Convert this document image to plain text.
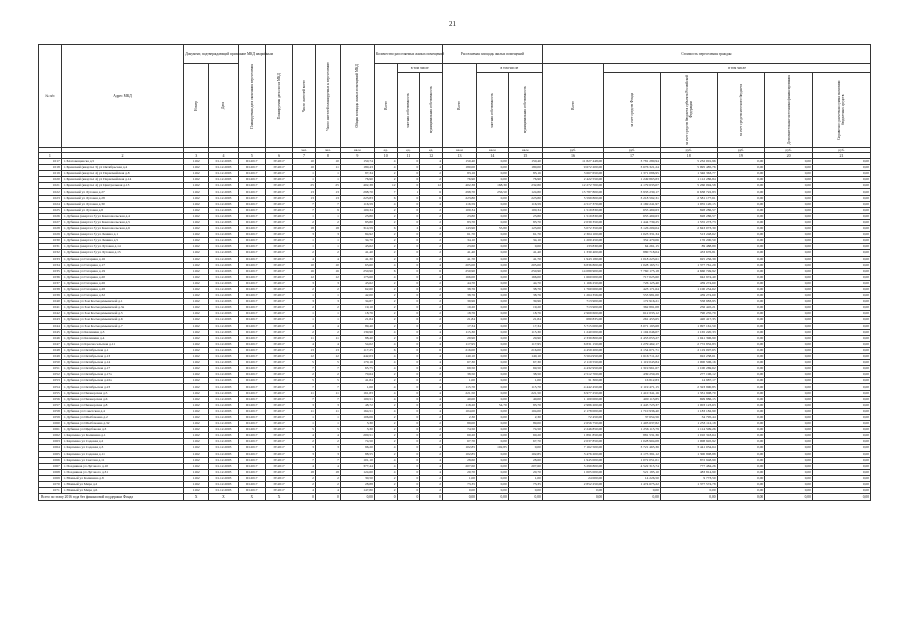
21
№ п/п	Адрес МКД	Документ, подтверждающий признание МКД аварийным		Планируемая дата окончания переселения	Планируемая дата сноса МКД	Число жителей всего	Число жителей планируемых к переселению	Общая площадь жилых помещений МКД	Количество расселяемых жилых помещений			Расселяемая площадь жилых помещений			Стоимость переселения граждан					

		Номер	Дата						Всего	в том числе		Всего	в том числе		Всего	в том числе				

										частная собственность	муниципальная собственность		частная собственность	муниципальная собственность		за счет средств Фонда	за счет средств бюджета субъекта Российской Федерации	за счет средств местного бюджета	Дополнительные источники финансирования	Справочно: расчетная сумма экономии бюджетных средств

						чел.	чел.	кв.м	ед.	ед.	ед.	кв.м	кв.м	кв.м	руб.	руб.	руб.	руб.	руб.	руб.
1	2	3	4	5	6	7	8	9	10	11	12	13	14	15	16	17	18	19	20	21
1017	г. Благовещенска д.5	1162	01.12.2003	III.2017	IV.2017	10	10	150,74	4	0	4	150,40	0,00	150,40	11 827 448,00	3 781 280,94	5 232 001,96	0,00	0,00	0,00
1018	г. Брянский (квартал 3) ул Октябрьская д.4	1162	01.12.2003	III.2017	IV.2017	10	11	180,43	4	0	4	180,00	0,00	180,00	9 672 200,00	3 676 321,24	5 995 485,76	0,00	0,00	0,00
1019	г. Брянский (квартал 4) ул Первомайская д.8	1162	01.12.2003	III.2017	IV.2017	1	1	87,34	2	0	2	83,16	0,00	83,16	3 667 650,00	1 371 086,95	1 346 363,77	0,00	0,00	0,00
1020	г. Брянский (квартал 4) ул Первомайская д.14	1162	01.12.2003	III.2017	IV.2017	1	1	76,90	2	0	2	76,90	0,00	76,90	2 422 550,00	1 249 863,83	1 112 286,84	0,00	0,00	0,00
1021	г. Брянский (квартал 4) ул Центральная д.13	1162	01.12.2003	III.2017	IV.2017	25	25	402,38	12	0	12	402,38	168,30	232,80	12 272 700,00	4 179 633,07	5 260 094,58	0,00	0,00	0,00
1022	г. Брянский ул Луговая д.27	1162	01.12.2003	III.2017	IV.2017	13	13	298,70	7	1	6	298,70	256,50	124,80	15 787 800,00	3 933 230,17	6 638 722,83	0,00	0,00	0,00
1023	г. Брянский ул Луговая д.28	1162	01.12.2003	III.2017	IV.2017	13	13	223,83	6	0	6	223,80	0,00	223,80	5 599 800,00	3 218 592,31	2 581 177,61	0,00	0,00	0,00
1024	г. Брянский ул Луговая д.30	1162	01.12.2003	III.2017	IV.2017	7	7	116,59	4	0	4	116,59	0,00	116,59	4 517 370,00	2 169 241,97	1 955 120,15	0,00	0,00	0,00
1025	г. Брянский ул Луговая д.8	1162	01.12.2003	III.2017	IV.2017	7	9	100,34	2	0	2	100,34	0,00	100,34	1 519 830,00	655 469,63	828 286,57	0,00	0,00	0,00
1026	г. Дубинка (квартал 3) ул Комсомольская д.4	1162	01.12.2003	III.2017	IV.2017	1	1	23,80	2	0	2	23,80	0,00	23,80	1 519 830,00	655 469,63	828 286,57	0,00	0,00	0,00
1027	г. Дубинка (квартал 3) ул Комсомольская д.5	1162	01.12.2003	III.2017	IV.2017	2	2	83,80	2	0	2	83,70	0,00	83,70	2 039 350,00	1 444 739,25	1 555 273,73	0,00	0,00	0,00
1028	г. Дубинка (квартал 3) ул Комсомольская д.6	1162	01.12.2003	III.2017	IV.2017	18	18	314,59	6	2	4	143,90	55,80	123,00	5 072 350,00	3 126 209,04	2 843 073,30	0,00	0,00	0,00
1029	г. Дубинка (квартал 3) ул Ленина д.1	1162	01.12.2003	III.2017	IV.2017	3	3	84,92	2	0	2	61,70	0,00	61,70	2 304 100,00	1 023 331,34	513 248,62	0,00	0,00	0,00
1030	г. Дубинка (квартал 3) ул Ленина д.5	1162	01.12.2003	III.2017	IV.2017	1	1	34,70	2	0	2	34,10	0,00	34,10	1 200 450,00	352 470,06	176 200,50	0,00	0,00	0,00
1031	г. Дубинка (квартал 3) ул Луговая д.14	1162	01.12.2003	III.2017	IV.2017	1	1	43,62	2	0	2	23,60	0,00	0,00	133 830,00	64 261,15	89 488,89	0,00	0,00	0,00
1032	г. Дубинка (квартал 3) ул Луговая д.15	1162	01.12.2003	III.2017	IV.2017	2	2	41,40	2	0	2	41,40	0,00	41,40	1 330 400,00	880 718,04	433 676,81	0,00	0,00	0,00
1033	г. Дубинка ул Гагарина д.16	1162	01.12.2003	III.2017	IV.2017	4	4	41,30	2	0	2	41,70	0,00	41,70	1 943 180,00	1 018 223,61	925 256,39	0,00	0,00	0,00
1034	г. Дубинка ул Гагарина д.17	1162	01.12.2003	III.2017	IV.2017	10	10	63,60	4	0	4	205,00	0,00	205,00	6 836 800,00	1 028 163,71	1 377 761,29	0,00	0,00	0,00
1035	г. Дубинка ул Гагарина д.19	1162	01.12.2003	III.2017	IV.2017	16	16	250,90	6	0	6	250,90	0,00	250,90	14 089 900,00	7 760 175,18	4 660 749,92	0,00	0,00	0,00
1036	г. Дубинка ул Гагарина д.20	1162	01.12.2003	III.2017	IV.2017	12	12	173,60	4	0	4	166,00	0,00	166,00	1 660 000,00	717 025,60	942 974,40	0,00	0,00	0,00
1037	г. Дубинка ул Гагарина д.26	1162	01.12.2003	III.2017	IV.2017	3	3	43,62	2	0	2	44,70	0,00	44,70	1 166 250,00	726 125,40	439 274,60	0,00	0,00	0,00
1038	г. Дубинка ул Гагарина д.28	1162	01.12.2003	III.2017	IV.2017	2	2	62,60	2	0	2	38,76	0,00	38,76	1 760 000,00	423 171,64	1 100 254,62	0,00	0,00	0,00
1039	г. Дубинка ул Гагарина д.32	1162	01.12.2003	III.2017	IV.2017	1	1	42,00	2	0	2	38,76	0,00	38,76	1 264 356,00	553 981,00	439 274,60	0,00	0,00	0,00
1040	г. Дубинка ул Зои Космодемьянской д.1	1162	01.12.2003	III.2017	IV.2017	3	3	34,87	2	0	2	39,96	0,00	39,96	713 900,00	172 916,21	558 983,95	0,00	0,00	0,00
1041	г. Дубинка ул Зои Космодемьянской д.3а	1162	01.12.2003	III.2017	IV.2017	2	2	19,10	2	0	2	19,20	0,00	19,20	713 900,00	362 891,08	256 445,21	0,00	0,00	0,00
1042	г. Дубинка ул Зои Космодемьянской д.5	1162	01.12.2003	III.2017	IV.2017	1	1	18,76	2	0	2	18,76	0,00	18,76	2 969 600,00	612 033,12	790 235,79	0,00	0,00	0,00
1043	г. Дубинка ул Зои Космодемьянской д.6	1162	01.12.2003	III.2017	IV.2017	1	1	21,84	2	0	2	21,84	0,00	21,84	680 835,00	261 453,65	420 417,35	0,00	0,00	0,00
1044	г. Дубинка ул Зои Космодемьянской д.7	1162	01.12.2003	III.2017	IV.2017	4	4	89,40	2	0	2	17,34	0,00	17,34	5 715 000,00	3 071 193,68	1 997 161,50	0,00	0,00	0,00
1045	г. Дубинка ул Калинина д.3	1162	01.12.2003	III.2017	IV.2017	2	2	139,90	4	0	4	115,30	0,00	115,30	1 240 000,00	1 104 046,07	1 165 220,33	0,00	0,00	0,00
1046	г. Дубинка ул Калинина д.4	1162	01.12.2003	III.2017	IV.2017	11	11	88,40	2	0	2	29,90	0,00	29,90	2 339 800,00	2 453 053,27	1 041 396,90	0,00	0,00	0,00
1047	г. Дубинка ул Красносельская д.11	1162	01.12.2003	III.2017	IV.2017	4	4	54,02	4	0	4	117,95	0,00	117,95	6 831 150,00	1 279 462,17	2 772 832,83	0,00	0,00	0,00
1048	г. Дубинка ул Октябрьская д.1	1162	01.12.2003	III.2017	IV.2017	13	13	117,25	6	0	6	216,00	0,00	216,00	4 459 200,00	2 154 671,71	2 119 097,65	0,00	0,00	0,00
1049	г. Дубинка ул Октябрьская д.13	1162	01.12.2003	III.2017	IV.2017	12	12	442,03	4	0	4	140,10	0,00	140,10	3 504 950,00	1 616 711,22	922 238,61	0,00	0,00	0,00
1050	г. Дубинка ул Октябрьская д.14	1162	01.12.2003	III.2017	IV.2017	5	5	170,16	4	0	4	67,30	0,00	67,30	2 119 550,00	1 119 043,84	1 000 506,16	0,00	0,00	0,00
1051	г. Дубинка ул Октябрьская д.17	1162	01.12.2003	III.2017	IV.2017	7	7	65,75	4	0	4	69,50	0,00	69,50	4 432 950,00	1 319 961,67	1 100 269,62	0,00	0,00	0,00
1052	г. Дубинка ул Октябрьская д.17а	1162	01.12.2003	III.2017	IV.2017	2	2	70,64	2	0	2	38,50	0,00	38,50	2 512 700,00	439 259,29	277 196,12	0,00	0,00	0,00
1053	г. Дубинка ул Октябрьская д.22а	1162	01.12.2003	III.2017	IV.2017	5	5	41,84	2	0	2	1,00	0,00	1,00	31 300,00	16 812,83	14 987,17	0,00	0,00	0,00
1054	г. Дубинка ул Октябрьская д.23	1162	01.12.2003	III.2017	IV.2017	7	7	1,00	4	0	4	115,70	0,00	115,70	4 442 450,00	2 119 471,15	2 323 990,85	0,00	0,00	0,00
1055	г. Дубинка ул Пионерская д.5	1162	01.12.2003	III.2017	IV.2017	11	11	161,83	4	0	4	221,50	0,00	221,50	6 977 250,00	1 410 341,16	1 331 908,70	0,00	0,00	0,00
1056	г. Дубинка ул Пионерская д.6	1162	01.12.2003	III.2017	IV.2017	7	7	100,51	4	0	4	40,00	0,00	40,00	1 100 000,00	400 113,85	699 886,15	0,00	0,00	0,00
1057	г. Дубинка ул Пионерская д.8	1162	01.12.2003	III.2017	IV.2017	3	3	48,72	2	0	2	118,20	54,70	83,70	2 986 200,00	2 445 723,37	1 003 123,63	0,00	0,00	0,00
1058	г. Дубинка ул Советская д.4	1162	01.12.2003	III.2017	IV.2017	11	11	164,51	4	0	4	104,00	0,00	104,00	2 178 000,00	1 710 936,40	1 183 182,90	0,00	0,00	0,00
1059	г. Дубинка ул Шалбачаева д.2	1162	01.12.2003	III.2017	IV.2017	1	1	106,06	2	0	2	2,30	0,00	2,30	72 450,00	37 654,56	34 795,44	0,00	0,00	0,00
1060	г. Дубинка ул Шалбачаева д.32	1162	01.12.2003	III.2017	IV.2017	1	1	3,30	2	0	2	89,00	0,00	89,00	2 656 750,00	1 403 637,82	1 253 112,18	0,00	0,00	0,00
1061	г. Дубинка ул Щербакова д.3	1162	01.12.2003	III.2017	IV.2017	5	5	3,30	2	0	2	74,50	0,00	74,50	2 246 850,00	1 256 115,79	1 114 509,26	0,00	0,00	0,00
1062	г. Карпенко ул Калинина д.1	1162	01.12.2003	III.2017	IV.2017	4	4	200,51	2	0	2	60,20	0,00	60,20	1 891 850,00	881 531,36	1 010 318,64	0,00	0,00	0,00
1063	г. Карпенко ул Садовая д.2	1162	01.12.2003	III.2017	IV.2017	2	2	74,50	2	0	2	67,70	0,00	67,70	2 037 850,00	1 028 904,08	1 008 945,92	0,00	0,00	0,00
1064	г. Карпенко ул Садовая д.3	1162	01.12.2003	III.2017	IV.2017	3	3	96,20	4	0	4	102,85	102,85	0,00	7 162 500,00	3 721 465,36	3 441 034,64	0,00	0,00	0,00
1065	г. Карпенко ул Садовая д.11	1162	01.12.2003	III.2017	IV.2017	3	3	88,55	2	0	2	102,85	0,00	102,85	3 476 200,00	2 175 391,12	1 300 808,88	0,00	0,00	0,00
1066	г. Карпенко ул Светлая д.11	1162	01.12.2003	III.2017	IV.2017	7	7	101,10	4	0	4	28,60	0,00	28,60	1 945 000,00	1 072 051,01	872 948,99	0,00	0,00	0,00
1067	г. Поздняков ул Лугового д.10	1162	01.12.2003	III.2017	IV.2017	4	4	377,44	4	0	4	207,60	0,00	207,60	5 299 800,00	4 522 315,74	777 484,26	0,00	0,00	0,00
1068	г. Поздняков ул Лугового д.31	1162	01.12.2003	III.2017	IV.2017	18	18	124,60	4	0	4	20,70	0,00	20,70	1 005 000,00	521 185,10	483 814,90	0,00	0,00	0,00
1069	г. Южный ул Калинина д.8	1162	01.12.2003	III.2017	IV.2017	2	2	30,50	2	0	2	1,00	0,00	1,00	24 000,00	14 226,50	9 773,50	0,00	0,00	0,00
1070	г. Южный ул Мира д.2	1162	01.12.2003	III.2017	IV.2017	2	2	28,88	2	0	2	73,35	0,00	73,35	2 852 250,00	1 474 675,22	1 377 574,78	0,00	0,00	0,00
1071	г. Южный ул Мира д.6	1162	01.12.2003	III.2017	IV.2017	4	4	147,80	2	0	2	0,00	0,00	0,00	0,00	0,00	0,00	0,00	0,00	0,00
Всего по этапу 2016 года без финансовой поддержки Фонда		X	X	X	X	0	0	0,00	0	0	0	0,00	0,00	0,00	0,00	0,00	0,00	0,00	0,00	0,00
